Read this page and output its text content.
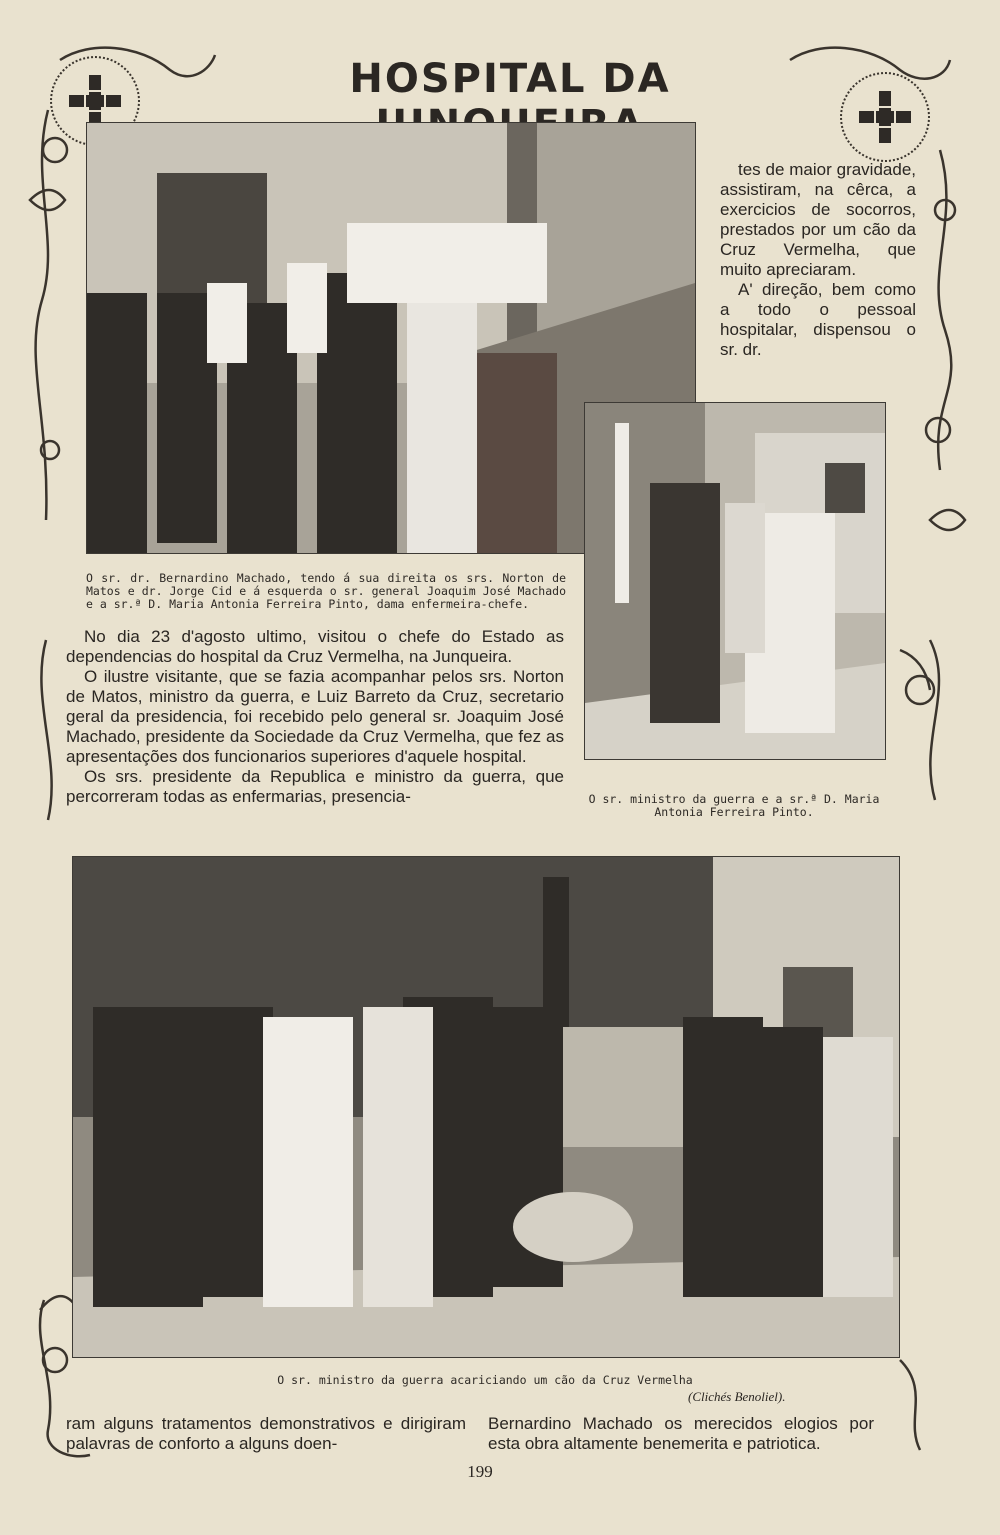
HOSPITAL DA

tes de maior gravidade, assistiram, na cêrca, a exercicios de socorros, prestados por um cão da Cruz Vermelha, que muito apreciaram.

A' direção, bem como a todo o pessoal hospitalar, dispensou o sr. dr.

O sr. dr. Bernardino Machado, tendo á sua direita os srs. Norton de Matos e dr. Jorge Cid e á esquerda o sr. general Joaquim José Machado e a sr.ª D. Maria Antonia Ferreira Pinto, dama enfermeira-chefe.
O sr. ministro da guerra e a sr.ª D. Maria Antonia Ferreira Pinto.

No dia 23 d'agosto ultimo, visitou o chefe do Estado as dependencias do hospital da Cruz Vermelha, na Junqueira.

O ilustre visitante, que se fazia acompanhar pelos srs. Norton de Matos, ministro da guerra, e Luiz Barreto da Cruz, secretario geral da presidencia, foi recebido pelo general sr. Joaquim José Machado, presidente da Sociedade da Cruz Vermelha, que fez as apresentações dos funcionarios superiores d'aquele hospital.

Os srs. presidente da Republica e ministro da guerra, que percorreram todas as enfermarias, presencia-

O sr. ministro da guerra acariciando um cão da Cruz Vermelha
(Clichés Benoliel).

ram alguns tratamentos demonstrativos e dirigiram palavras de conforto a alguns doen-

Bernardino Machado os merecidos elogios por esta obra altamente benemerita e patriotica.

199
